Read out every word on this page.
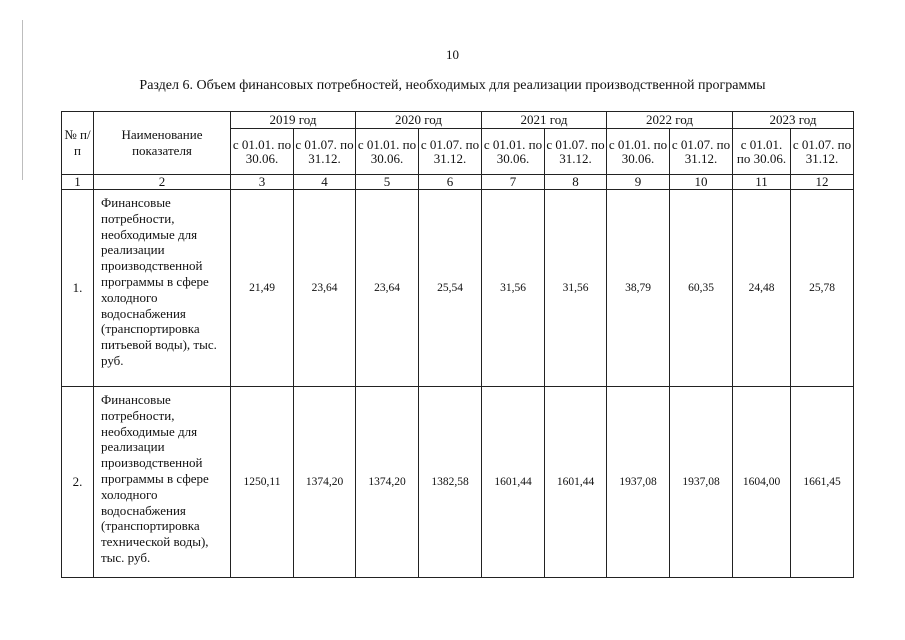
10
Раздел 6. Объем финансовых потребностей, необходимых для реализации производственной программы
№ п/п	Наименование показателя	2019 год		2020 год		2021 год		2022 год		2023 год	
		с 01.01. по 30.06.	с 01.07. по 31.12.	с 01.01. по 30.06.	с 01.07. по 31.12.	с 01.01. по 30.06.	с 01.07. по 31.12.	с 01.01. по 30.06.	с 01.07. по 31.12.	с 01.01. по 30.06.	с 01.07. по 31.12.
1	2	3	4	5	6	7	8	9	10	11	12
1.	Финансовые потребности, необходимые для реализации производственной программы в сфере холодного водоснабжения (транспортировка питьевой воды), тыс. руб.	21,49	23,64	23,64	25,54	31,56	31,56	38,79	60,35	24,48	25,78
2.	Финансовые потребности, необходимые для реализации производственной программы в сфере холодного водоснабжения (транспортировка технической воды), тыс. руб.	1250,11	1374,20	1374,20	1382,58	1601,44	1601,44	1937,08	1937,08	1604,00	1661,45
